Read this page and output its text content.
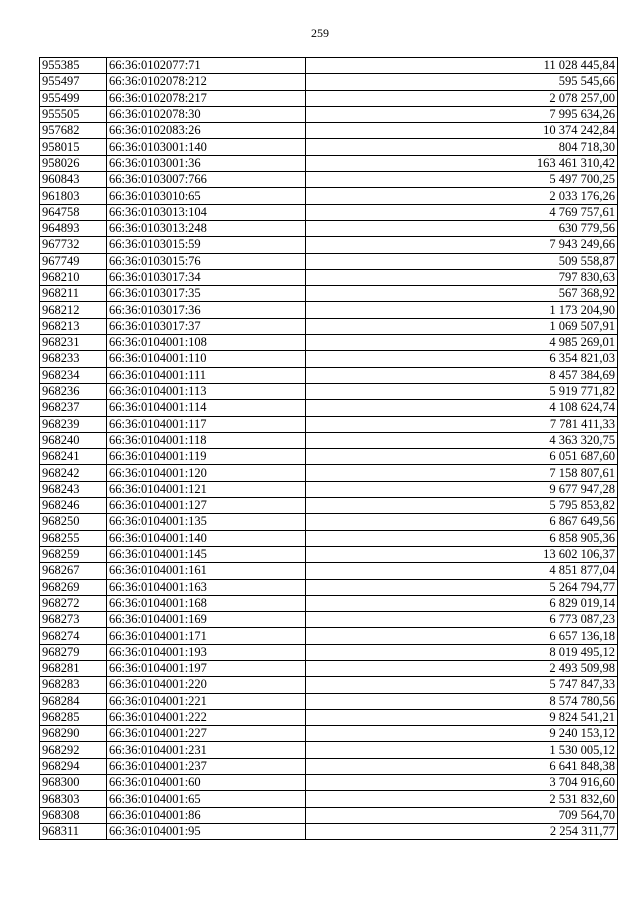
259
955385	66:36:0102077:71	11 028 445,84
955497	66:36:0102078:212	595 545,66
955499	66:36:0102078:217	2 078 257,00
955505	66:36:0102078:30	7 995 634,26
957682	66:36:0102083:26	10 374 242,84
958015	66:36:0103001:140	804 718,30
958026	66:36:0103001:36	163 461 310,42
960843	66:36:0103007:766	5 497 700,25
961803	66:36:0103010:65	2 033 176,26
964758	66:36:0103013:104	4 769 757,61
964893	66:36:0103013:248	630 779,56
967732	66:36:0103015:59	7 943 249,66
967749	66:36:0103015:76	509 558,87
968210	66:36:0103017:34	797 830,63
968211	66:36:0103017:35	567 368,92
968212	66:36:0103017:36	1 173 204,90
968213	66:36:0103017:37	1 069 507,91
968231	66:36:0104001:108	4 985 269,01
968233	66:36:0104001:110	6 354 821,03
968234	66:36:0104001:111	8 457 384,69
968236	66:36:0104001:113	5 919 771,82
968237	66:36:0104001:114	4 108 624,74
968239	66:36:0104001:117	7 781 411,33
968240	66:36:0104001:118	4 363 320,75
968241	66:36:0104001:119	6 051 687,60
968242	66:36:0104001:120	7 158 807,61
968243	66:36:0104001:121	9 677 947,28
968246	66:36:0104001:127	5 795 853,82
968250	66:36:0104001:135	6 867 649,56
968255	66:36:0104001:140	6 858 905,36
968259	66:36:0104001:145	13 602 106,37
968267	66:36:0104001:161	4 851 877,04
968269	66:36:0104001:163	5 264 794,77
968272	66:36:0104001:168	6 829 019,14
968273	66:36:0104001:169	6 773 087,23
968274	66:36:0104001:171	6 657 136,18
968279	66:36:0104001:193	8 019 495,12
968281	66:36:0104001:197	2 493 509,98
968283	66:36:0104001:220	5 747 847,33
968284	66:36:0104001:221	8 574 780,56
968285	66:36:0104001:222	9 824 541,21
968290	66:36:0104001:227	9 240 153,12
968292	66:36:0104001:231	1 530 005,12
968294	66:36:0104001:237	6 641 848,38
968300	66:36:0104001:60	3 704 916,60
968303	66:36:0104001:65	2 531 832,60
968308	66:36:0104001:86	709 564,70
968311	66:36:0104001:95	2 254 311,77
